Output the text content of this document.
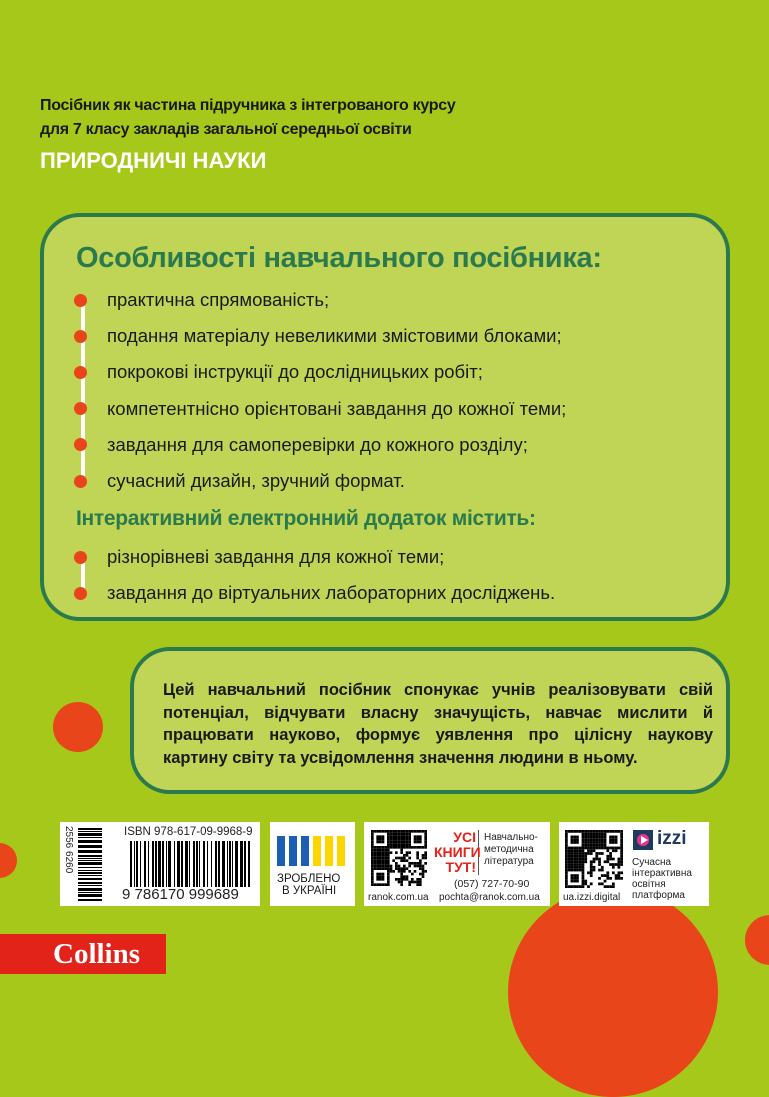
Посібник як частина підручника з інтегрованого курсу
для 7 класу закладів загальної середньої освіти
ПРИРОДНИЧІ НАУКИ
Особливості навчального посібника:
практична спрямованість;
подання матеріалу невеликими змістовими блоками;
покрокові інструкції до дослідницьких робіт;
компетентнісно орієнтовані завдання до кожної теми;
завдання для самоперевірки до кожного розділу;
сучасний дизайн, зручний формат.
Інтерактивний електронний додаток містить:
різнорівневі завдання для кожної теми;
завдання до віртуальних лабораторних досліджень.
Цей навчальний посібник спонукає учнів реалізовувати свій потенціал, відчувати власну значущість, навчає мислити й працювати науково, формує уявлення про цілісну наукову картину світу та усвідомлення значення людини в ньому.
2556 6260	ISBN 978-617-09-9968-9
9 786170 999689
ЗРОБЛЕНО
В УКРАЇНІ
УСІ
КНИГИ
ТУТ!
Навчально-
методична
література
(057) 727-70-90
ranok.com.ua pochta@ranok.com.ua
izzi
Сучасна
інтерактивна
освітня
платформа
ua.izzi.digital
Collins
